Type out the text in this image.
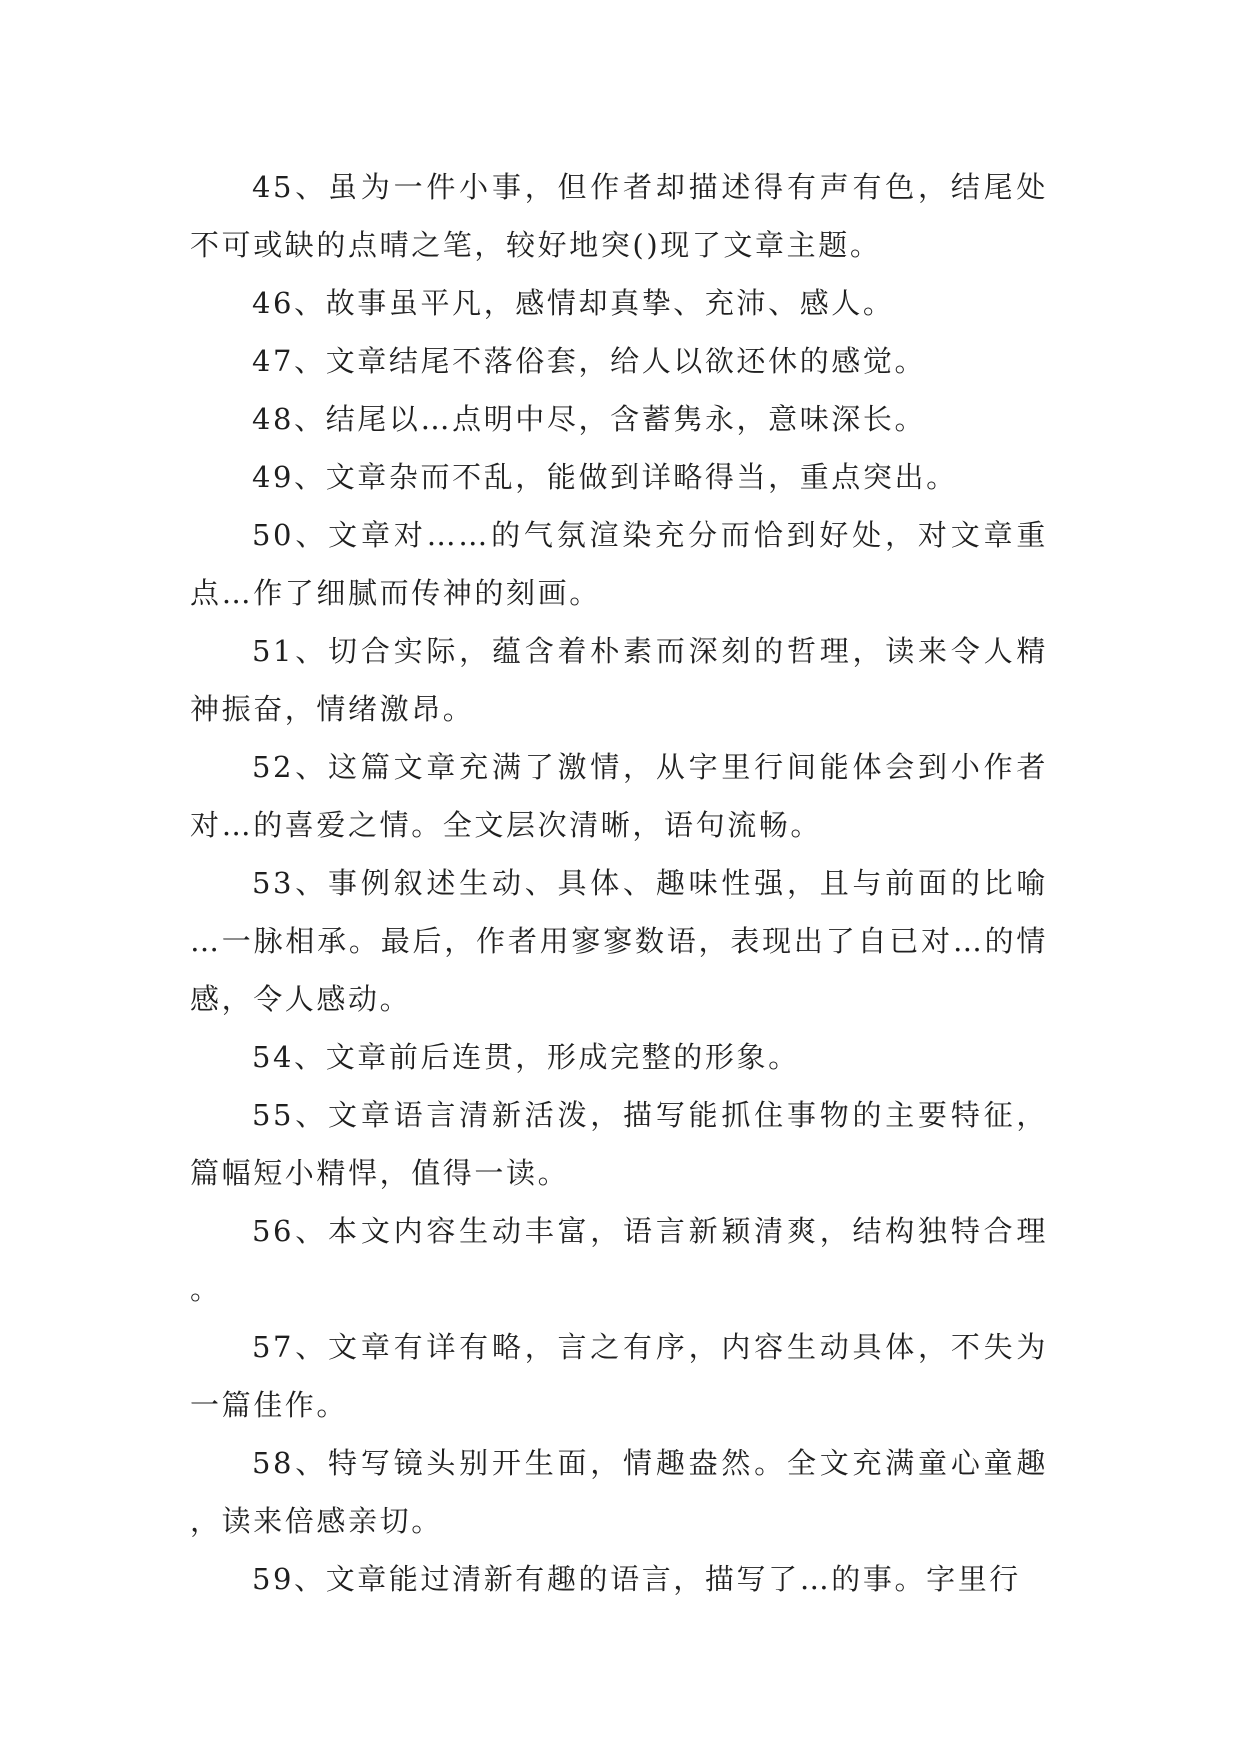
45、虽为一件小事，但作者却描述得有声有色，结尾处不可或缺的点晴之笔，较好地突()现了文章主题。

46、故事虽平凡，感情却真挚、充沛、感人。

47、文章结尾不落俗套，给人以欲还休的感觉。

48、结尾以…点明中尽，含蓄隽永，意味深长。

49、文章杂而不乱，能做到详略得当，重点突出。

50、文章对……的气氛渲染充分而恰到好处，对文章重点…作了细腻而传神的刻画。

51、切合实际，蕴含着朴素而深刻的哲理，读来令人精神振奋，情绪激昂。

52、这篇文章充满了激情，从字里行间能体会到小作者对…的喜爱之情。全文层次清晰，语句流畅。

53、事例叙述生动、具体、趣味性强，且与前面的比喻…一脉相承。最后，作者用寥寥数语，表现出了自已对…的情感，令人感动。

54、文章前后连贯，形成完整的形象。

55、文章语言清新活泼，描写能抓住事物的主要特征，篇幅短小精悍，值得一读。

56、本文内容生动丰富，语言新颖清爽，结构独特合理。

57、文章有详有略，言之有序，内容生动具体，不失为一篇佳作。

58、特写镜头别开生面，情趣盎然。全文充满童心童趣，读来倍感亲切。

59、文章能过清新有趣的语言，描写了…的事。字里行
